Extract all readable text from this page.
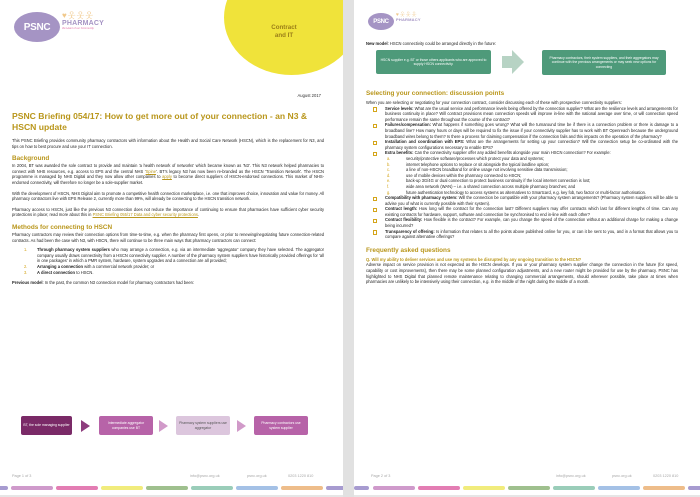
Contract
and IT
PSNC
♥웃웃웃
PHARMACY
the Heart of our Community
August 2017
PSNC Briefing 054/17: How to get more out of your connection - an N3 & HSCN update

This PSNC Briefing provides community pharmacy contractors with information about the Health and Social Care Network (HSCN), which is the replacement for N3, and tips on how to best procure and use your IT connection.

Background

In 2004, BT was awarded the sole contract to provide and maintain 'a health network of networks' which became known as 'N3'. This N3 network helped pharmacies to connect with NHS resources, e.g. access to EPS and the central NHS 'Spine'. BT's legacy N3 has now been re-branded as the HSCN 'Transition Network'. The HSCN programme is managed by NHS Digital and they now allow other companies to apply to become direct suppliers of HSCN-endorsed connections. This market of NHS-endorsed connectivity, will therefore no longer be a sole-supplier market.

With the development of HSCN, NHS Digital aim to promote a competitive health connection marketplace, i.e. one that improves choice, innovation and value for money. All pharmacy contractors live with EPS Release 2, currently more than 99%, will already be connecting to the HSCN transition network.

Pharmacy access to HSCN, just like the previous N3 connection does not reduce the importance of continuing to ensure that pharmacies have sufficient cyber security protections in place; read more about this in PSNC Briefing 055/17 Data and cyber security protections.

Methods for connecting to HSCN

Pharmacy contractors may review their connection options from time-to-time, e.g. when the pharmacy first opens, or prior to renewing/negotiating future connection-related contracts. As had been the case with N3, with HSCN, there will continue to be three main ways that pharmacy contractors can connect:

1. Through pharmacy system suppliers who may arrange a connection, e.g. via an intermediate 'aggregator' company they have selected. The aggregator company usually draws connectivity from a HSCN connectivity supplier. A number of the pharmacy system suppliers have historically provided offerings for 'all in one packages' in which a PMR system, hardware, system upgrades and a connection are all provided;
2. Arranging a connection with a commercial network provider; or
3. A direct connection to HSCN.

Previous model: In the past, the common N3 connection model for pharmacy contractors had been:

BT, the sole managing supplier
Intermediate aggregator companies use BT
Pharmacy system suppliers use aggregator
Pharmacy contractors use system supplier
Page 1 of 3	info@psnc.org.uk	psnc.org.uk	0203 1220 810
PSNC
♥웃웃웃
PHARMACY

New model: HSCN connectivity could be arranged directly in the future:

HSCN supplier e.g. BT or those others applicants who are approved to supply HSCN connectivity.
Pharmacy contractors, their system suppliers, and their aggregators may continue with the previous arrangements or may seek new options for connecting
Selecting your connection: discussion points

When you are selecting or negotiating for your connection contract, consider discussing each of these with prospective connectivity suppliers:

Service levels: What are the usual service and performance levels being offered by the connection supplier? What are the resilience levels and arrangements for business continuity in place? Will contract provisions mean connection speeds will improve in-line with the national average over time, or will connection speed performance remain the same throughout the course of the contract?
Failures/compensation: What happens if something goes wrong? What will the turnaround time be if there is a connection problem or there is damage to a broadband line? How many hours or days will be required to fix the issue if your connectivity supplier has to work with BT Openreach because the underground broadband wires belong to them? Is there a process for claiming compensation if the connection fails and this impacts on the operation of the pharmacy?
Installation and coordination with EPS: What are the arrangements for setting up your connection? Will the connection setup be co-ordinated with the pharmacy system configurations necessary to enable EPS?
Extra benefits: Can the connectivity supplier offer any added benefits alongside your main HSCN connection? For example:
a.	security/protective software/processes which protect your data and systems;
b.	internet telephone options to replace or sit alongside the typical landline option;
c.	a line of non-HSCN broadband for online usage not involving sensitive data transmission;
d.	use of mobile devices within the pharmacy connected to HSCN;
e.	back-up 3G/4G or dual connection to protect business continuity if the local internet connection is lost;
f.	wide area network (WAN) – i.e. a shared connection across multiple pharmacy branches; and
g.	future authentication technology to access systems as alternatives to Smartcard, e.g. key fob, two factor or multi-factor authorisation.
Compatibility with pharmacy system: Will the connection be compatible with your pharmacy system arrangements? (Pharmacy system suppliers will be able to advise you of what is currently possible with their system).
Contract length: How long will the contract for the connection last? Different suppliers may offer contracts which last for different lengths of time. Can any existing contracts for hardware, support, software and connection be synchronised to end in-line with each other?
Contract flexibility: How flexible is the contract? For example, can you change the speed of the connection without an additional charge for making a change being incurred?
Transparency of offering: Is information that relates to all the points above published online for you, or can it be sent to you, and in a format that allows you to compare against alternative offerings?
Frequently asked questions

Q. Will my ability to deliver services and use my systems be disrupted by any ongoing transition to the HSCN?

Adverse impact on service provision is not expected as the HSCN develops. If you or your pharmacy system supplier change the connection in the future (for speed, capability or cost improvements), then there may be some planned configuration adjustments, and a new router might be provided for use by the pharmacy. PSNC has highlighted to NHS Digital that planned remote maintenance relating to changing commercial arrangements, should wherever possible, take place at times when pharmacies are unlikely to be intensively using their connection, e.g. in the middle of the night during the middle of a month.

Page 2 of 3	info@psnc.org.uk	psnc.org.uk	0203 1220 810
